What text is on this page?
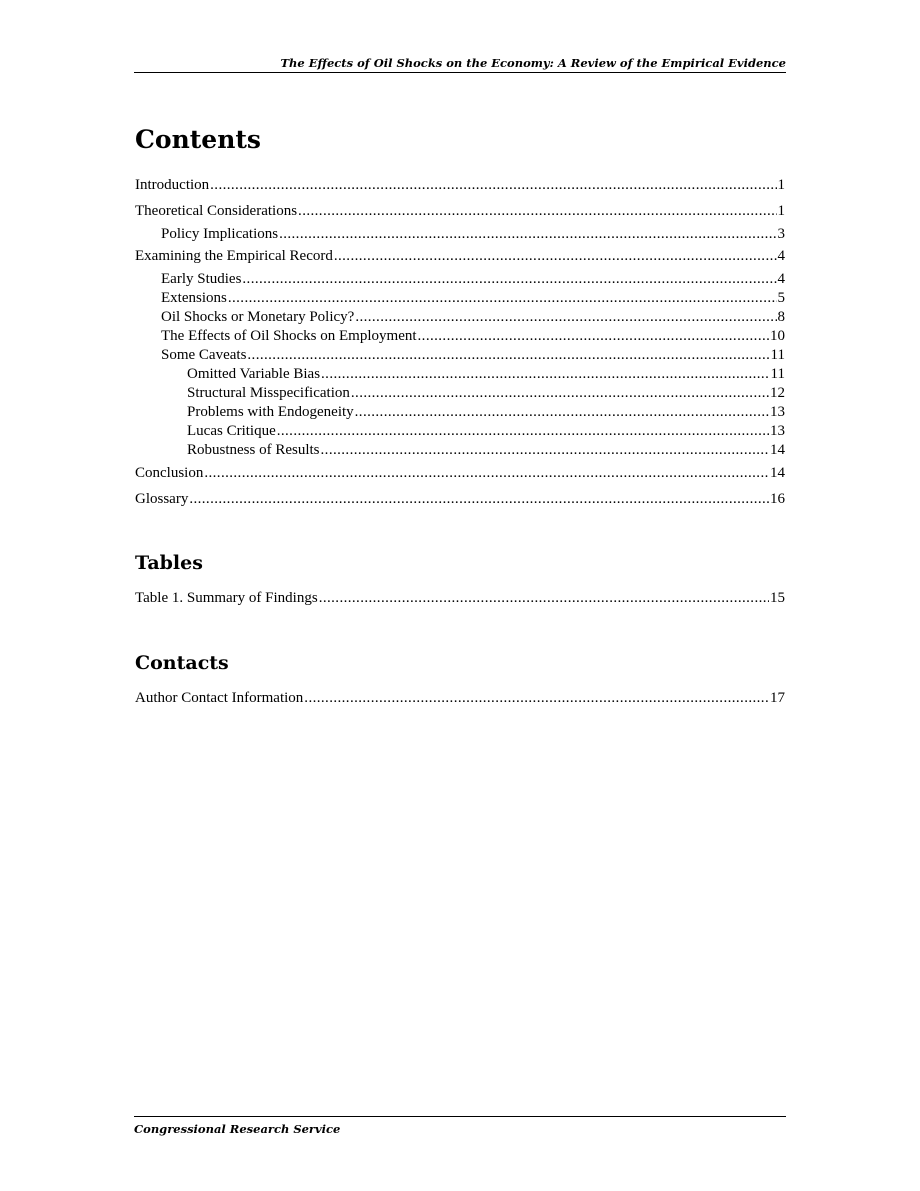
The Effects of Oil Shocks on the Economy: A Review of the Empirical Evidence
Contents
Introduction .....	1
Theoretical Considerations .....	1
Policy Implications .....	3
Examining the Empirical Record .....	4
Early Studies .....	4
Extensions .....	5
Oil Shocks or Monetary Policy? .....	8
The Effects of Oil Shocks on Employment .....	10
Some Caveats .....	11
Omitted Variable Bias .....	11
Structural Misspecification .....	12
Problems with Endogeneity .....	13
Lucas Critique .....	13
Robustness of Results .....	14
Conclusion .....	14
Glossary .....	16
Tables
Table 1. Summary of Findings .....	15
Contacts
Author Contact Information .....	17
Congressional Research Service
